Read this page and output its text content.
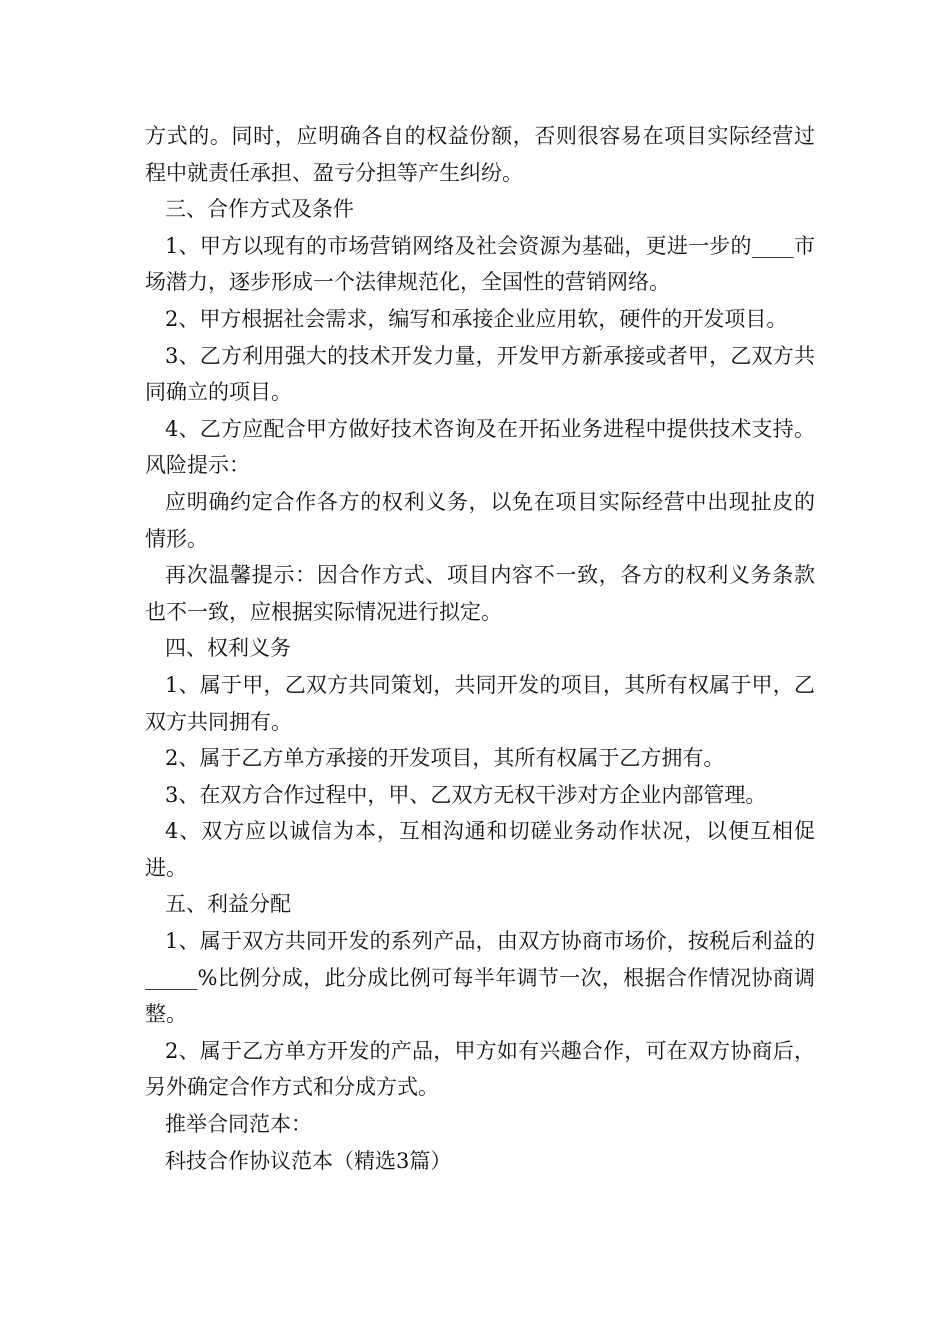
方式的。同时，应明确各自的权益份额，否则很容易在项目实际经营过程中就责任承担、盈亏分担等产生纠纷。

三、合作方式及条件

1、甲方以现有的市场营销网络及社会资源为基础，更进一步的____市场潜力，逐步形成一个法律规范化，全国性的营销网络。

2、甲方根据社会需求，编写和承接企业应用软，硬件的开发项目。

3、乙方利用强大的技术开发力量，开发甲方新承接或者甲，乙双方共同确立的项目。

4、乙方应配合甲方做好技术咨询及在开拓业务进程中提供技术支持。风险提示：

应明确约定合作各方的权利义务，以免在项目实际经营中出现扯皮的情形。

再次温馨提示：因合作方式、项目内容不一致，各方的权利义务条款也不一致，应根据实际情况进行拟定。

四、权利义务

1、属于甲，乙双方共同策划，共同开发的项目，其所有权属于甲，乙双方共同拥有。

2、属于乙方单方承接的开发项目，其所有权属于乙方拥有。

3、在双方合作过程中，甲、乙双方无权干涉对方企业内部管理。

4、双方应以诚信为本，互相沟通和切磋业务动作状况，以便互相促进。

五、利益分配

1、属于双方共同开发的系列产品，由双方协商市场价，按税后利益的_____%比例分成，此分成比例可每半年调节一次，根据合作情况协商调整。

2、属于乙方单方开发的产品，甲方如有兴趣合作，可在双方协商后，另外确定合作方式和分成方式。

推举合同范本：

科技合作协议范本（精选3篇）
